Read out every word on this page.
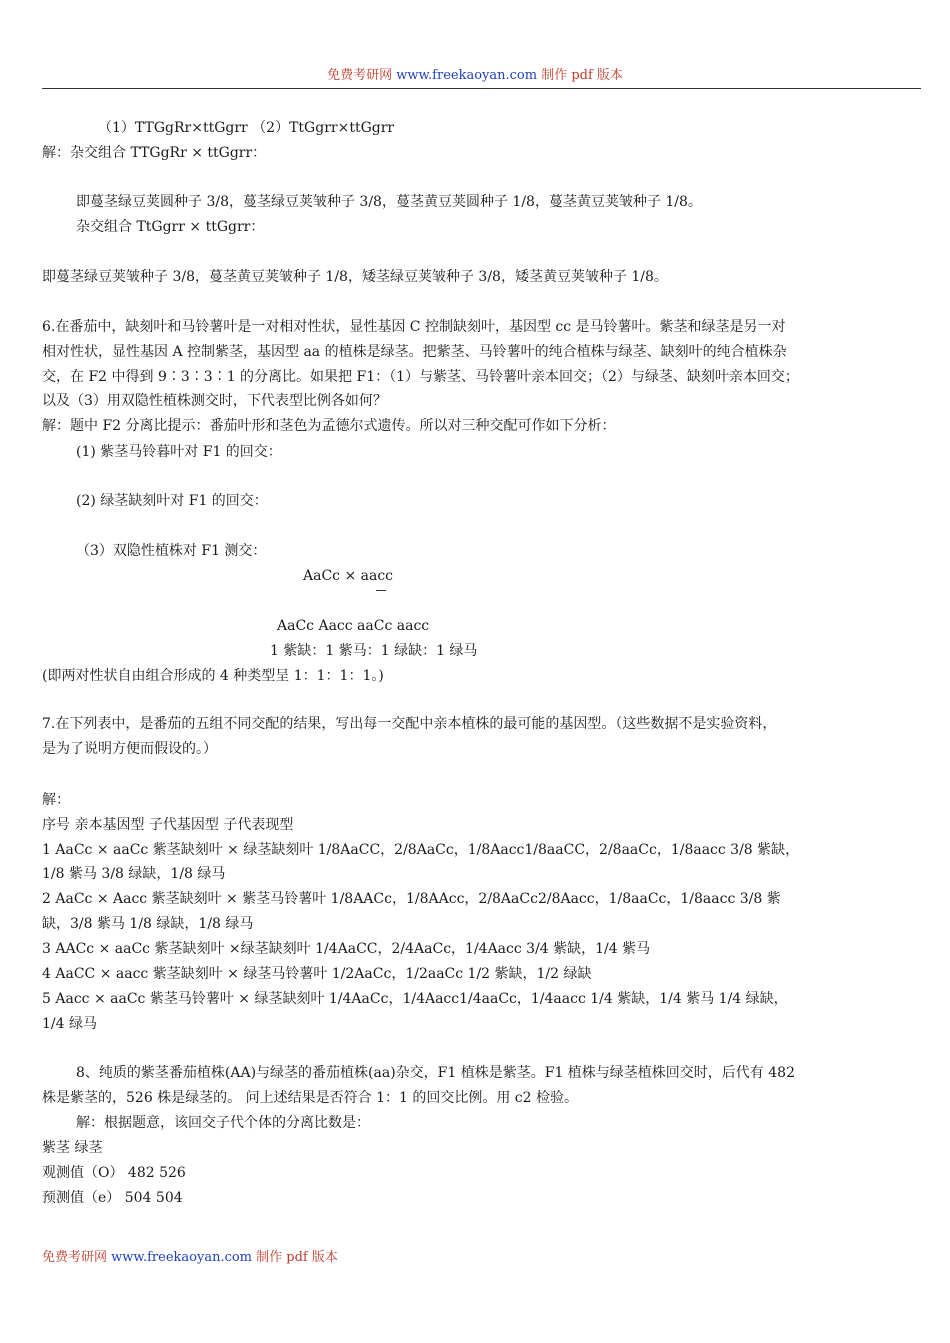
免费考研网 www.freekaoyan.com 制作 pdf 版本
（1）TTGgRr×ttGgrr （2）TtGgrr×ttGgrr
解：杂交组合 TTGgRr × ttGgrr：
即蔓茎绿豆荚圆种子 3/8，蔓茎绿豆荚皱种子 3/8，蔓茎黄豆荚圆种子 1/8，蔓茎黄豆荚皱种子 1/8。
杂交组合 TtGgrr × ttGgrr：
即蔓茎绿豆荚皱种子 3/8，蔓茎黄豆荚皱种子 1/8，矮茎绿豆荚皱种子 3/8，矮茎黄豆荚皱种子 1/8。
6.在番茄中，缺刻叶和马铃薯叶是一对相对性状，显性基因 C 控制缺刻叶，基因型 cc 是马铃薯叶。紫茎和绿茎是另一对
相对性状，显性基因 A 控制紫茎，基因型 aa 的植株是绿茎。把紫茎、马铃薯叶的纯合植株与绿茎、缺刻叶的纯合植株杂
交，在 F2 中得到 9∶3∶3∶1 的分离比。如果把 F1：（1）与紫茎、马铃薯叶亲本回交；（2）与绿茎、缺刻叶亲本回交；
以及（3）用双隐性植株测交时，下代表型比例各如何？
解：题中 F2 分离比提示：番茄叶形和茎色为孟德尔式遗传。所以对三种交配可作如下分析：
(1) 紫茎马铃暮叶对 F1 的回交：
(2) 绿茎缺刻叶对 F1 的回交：
（3）双隐性植株对 F1 测交：
AaCc × aacc
AaCc Aacc aaCc aacc
1 紫缺：1 紫马：1 绿缺：1 绿马
(即两对性状自由组合形成的 4 种类型呈 1：1：1：1。)
7.在下列表中，是番茄的五组不同交配的结果，写出每一交配中亲本植株的最可能的基因型。（这些数据不是实验资料，
是为了说明方便而假设的。）
解：
序号 亲本基因型 子代基因型 子代表现型
1 AaCc × aaCc 紫茎缺刻叶 × 绿茎缺刻叶 1/8AaCC，2/8AaCc，1/8Aacc1/8aaCC，2/8aaCc，1/8aacc 3/8 紫缺，
1/8 紫马 3/8 绿缺，1/8 绿马
2 AaCc × Aacc 紫茎缺刻叶 × 紫茎马铃薯叶 1/8AACc，1/8AAcc，2/8AaCc2/8Aacc，1/8aaCc，1/8aacc 3/8 紫
缺，3/8 紫马 1/8 绿缺，1/8 绿马
3 AACc × aaCc 紫茎缺刻叶 ×绿茎缺刻叶 1/4AaCC，2/4AaCc，1/4Aacc 3/4 紫缺，1/4 紫马
4 AaCC × aacc 紫茎缺刻叶 × 绿茎马铃薯叶 1/2AaCc，1/2aaCc 1/2 紫缺，1/2 绿缺
5 Aacc × aaCc 紫茎马铃薯叶 × 绿茎缺刻叶 1/4AaCc，1/4Aacc1/4aaCc，1/4aacc 1/4 紫缺，1/4 紫马 1/4 绿缺，
1/4 绿马
8、纯质的紫茎番茄植株(AA)与绿茎的番茄植株(aa)杂交，F1 植株是紫茎。F1 植株与绿茎植株回交时，后代有 482
株是紫茎的，526 株是绿茎的。 问上述结果是否符合 1：1 的回交比例。用 c2 检验。
解：根据题意，该回交子代个体的分离比数是：
紫茎 绿茎
观测值（O） 482 526
预测值（e） 504 504
免费考研网 www.freekaoyan.com 制作 pdf 版本
